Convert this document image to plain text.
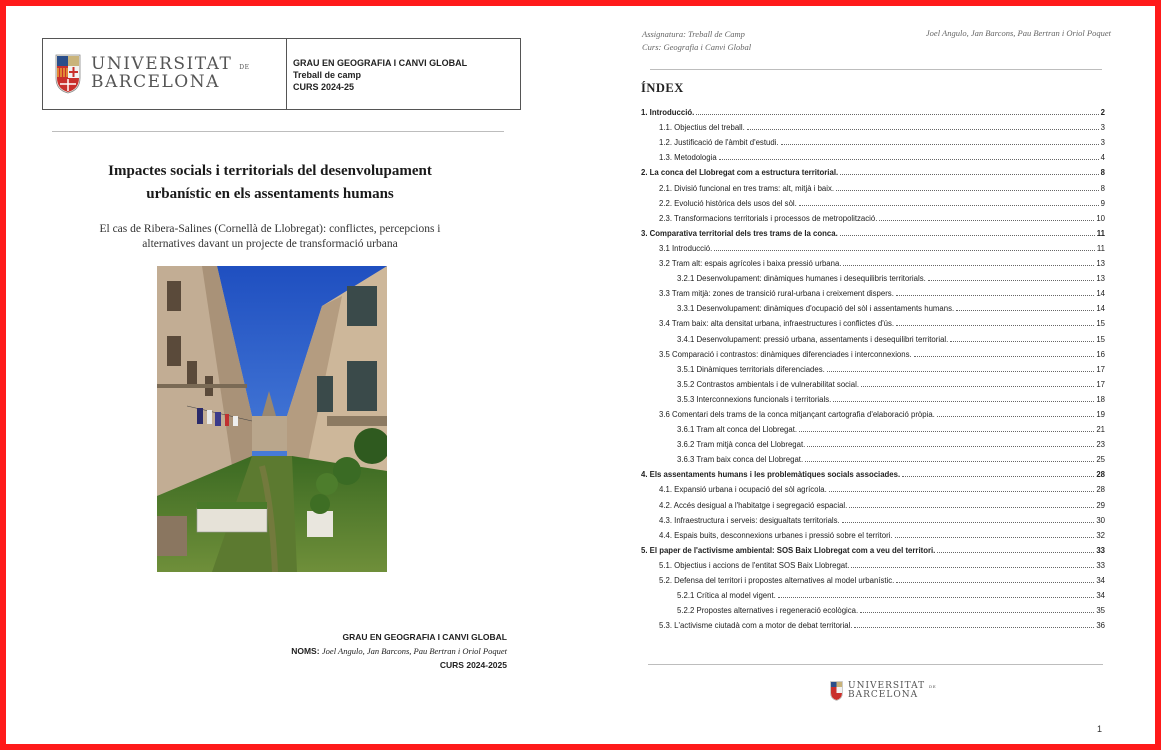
UNIVERSITAT DE
BARCELONA
GRAU EN GEOGRAFIA I CANVI GLOBAL
Treball de camp
CURS 2024-25
Impactes socials i territorials del desenvolupament
urbanístic en els assentaments humans
El cas de Ribera-Salines (Cornellà de Llobregat): conflictes, percepcions i
alternatives davant un projecte de transformació urbana
GRAU EN GEOGRAFIA I CANVI GLOBAL
NOMS: Joel Angulo, Jan Barcons, Pau Bertran i Oriol Poquet
CURS 2024-2025
Assignatura: Treball de Camp
Curs: Geografia i Canvi Global
Joel Angulo, Jan Barcons, Pau Bertran i Oriol Poquet
ÍNDEX
1. Introducció.	2
1.1. Objectius del treball.	3
1.2. Justificació de l'àmbit d'estudi.	3
1.3. Metodologia	4
2. La conca del Llobregat com a estructura territorial.	8
2.1. Divisió funcional en tres trams: alt, mitjà i baix.	8
2.2. Evolució històrica dels usos del sòl.	9
2.3. Transformacions territorials i processos de metropolització.	10
3. Comparativa territorial dels tres trams de la conca.	11
3.1 Introducció.	11
3.2 Tram alt: espais agrícoles i baixa pressió urbana.	13
3.2.1 Desenvolupament: dinàmiques humanes i desequilibris territorials.	13
3.3 Tram mitjà: zones de transició rural-urbana i creixement dispers.	14
3.3.1 Desenvolupament: dinàmiques d'ocupació del sòl i assentaments humans.	14
3.4 Tram baix: alta densitat urbana, infraestructures i conflictes d'ús.	15
3.4.1 Desenvolupament: pressió urbana, assentaments i desequilibri territorial.	15
3.5 Comparació i contrastos: dinàmiques diferenciades i interconnexions.	16
3.5.1 Dinàmiques territorials diferenciades.	17
3.5.2 Contrastos ambientals i de vulnerabilitat social.	17
3.5.3 Interconnexions funcionals i territorials.	18
3.6 Comentari dels trams de la conca mitjançant cartografia d'elaboració pròpia.	19
3.6.1 Tram alt conca del Llobregat.	21
3.6.2 Tram mitjà conca del Llobregat.	23
3.6.3 Tram baix conca del Llobregat.	25
4. Els assentaments humans i les problemàtiques socials associades.	28
4.1. Expansió urbana i ocupació del sòl agrícola.	28
4.2. Accés desigual a l'habitatge i segregació espacial.	29
4.3. Infraestructura i serveis: desigualtats territorials.	30
4.4. Espais buits, desconnexions urbanes i pressió sobre el territori.	32
5. El paper de l'activisme ambiental: SOS Baix Llobregat com a veu del territori.	33
5.1. Objectius i accions de l'entitat SOS Baix Llobregat.	33
5.2. Defensa del territori i propostes alternatives al model urbanístic.	34
5.2.1 Crítica al model vigent.	34
5.2.2 Propostes alternatives i regeneració ecològica.	35
5.3. L'activisme ciutadà com a motor de debat territorial.	36
UNIVERSITAT DE
BARCELONA
1
